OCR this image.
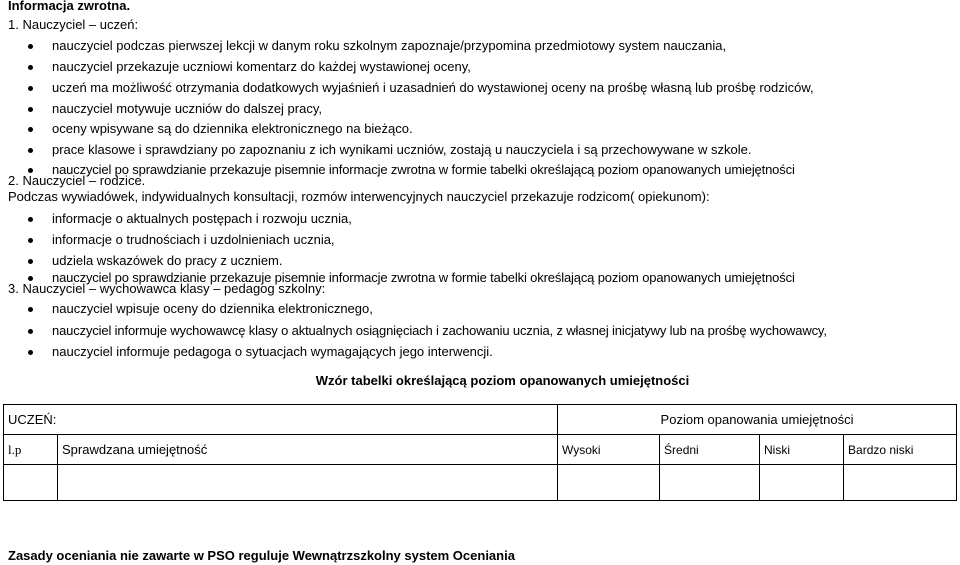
Informacja zwrotna.
1. Nauczyciel – uczeń:
nauczyciel podczas pierwszej lekcji w danym roku szkolnym zapoznaje/przypomina przedmiotowy system nauczania,
nauczyciel przekazuje uczniowi komentarz do każdej wystawionej oceny,
uczeń ma możliwość otrzymania dodatkowych wyjaśnień i uzasadnień do wystawionej oceny na prośbę własną lub prośbę rodziców,
nauczyciel motywuje uczniów do dalszej pracy,
oceny wpisywane są do dziennika elektronicznego na bieżąco.
prace klasowe i sprawdziany po zapoznaniu z ich wynikami uczniów, zostają u nauczyciela i są przechowywane w szkole.
nauczyciel po sprawdzianie przekazuje pisemnie informacje zwrotna w formie tabelki określającą poziom opanowanych umiejętności
2. Nauczyciel – rodzice.
Podczas wywiadówek, indywidualnych konsultacji, rozmów interwencyjnych nauczyciel przekazuje rodzicom( opiekunom):
informacje o aktualnych postępach i rozwoju ucznia,
informacje o trudnościach i uzdolnieniach ucznia,
udziela wskazówek do pracy z uczniem.
nauczyciel po sprawdzianie przekazuje pisemnie informacje zwrotna w formie tabelki określającą poziom opanowanych umiejętności
3. Nauczyciel – wychowawca klasy – pedagog szkolny:
nauczyciel wpisuje oceny do dziennika elektronicznego,
nauczyciel informuje wychowawcę klasy o aktualnych osiągnięciach i zachowaniu ucznia, z własnej inicjatywy lub na prośbę wychowawcy,
nauczyciel informuje pedagoga o sytuacjach wymagających jego interwencji.
Wzór tabelki określającą poziom opanowanych umiejętności
UCZEŃ:		Poziom opanowania umiejętności			
l.p	Sprawdzana umiejętność	Wysoki	Średni	Niski	Bardzo niski

Zasady oceniania nie zawarte w PSO reguluje Wewnątrzszkolny system Oceniania
